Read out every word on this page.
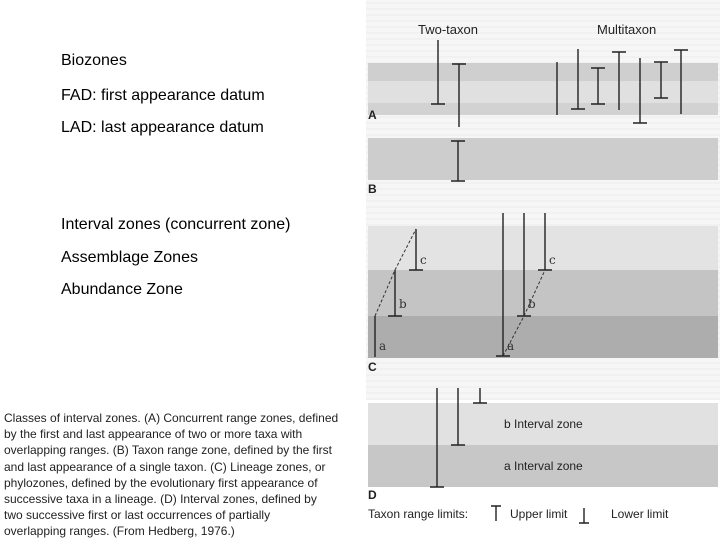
Biozones
FAD: first appearance datum
LAD: last appearance datum
Interval zones (concurrent zone)
Assemblage Zones
Abundance Zone
Classes of interval zones. (A) Concurrent range zones, defined
by the first and last appearance of two or more taxa with
overlapping ranges. (B) Taxon range zone, defined by the first
and last appearance of a single taxon. (C) Lineage zones, or
phylozones, defined by the evolutionary first appearance of
successive taxa in a lineage. (D) Interval zones, defined by
two successive first or last occurrences of partially
overlapping ranges. (From Hedberg, 1976.)
Two-taxon	Multitaxon
A
B
C
D
c
b
a
c
b
a
b Interval zone
a Interval zone
Taxon range limits:	Upper limit	Lower limit
